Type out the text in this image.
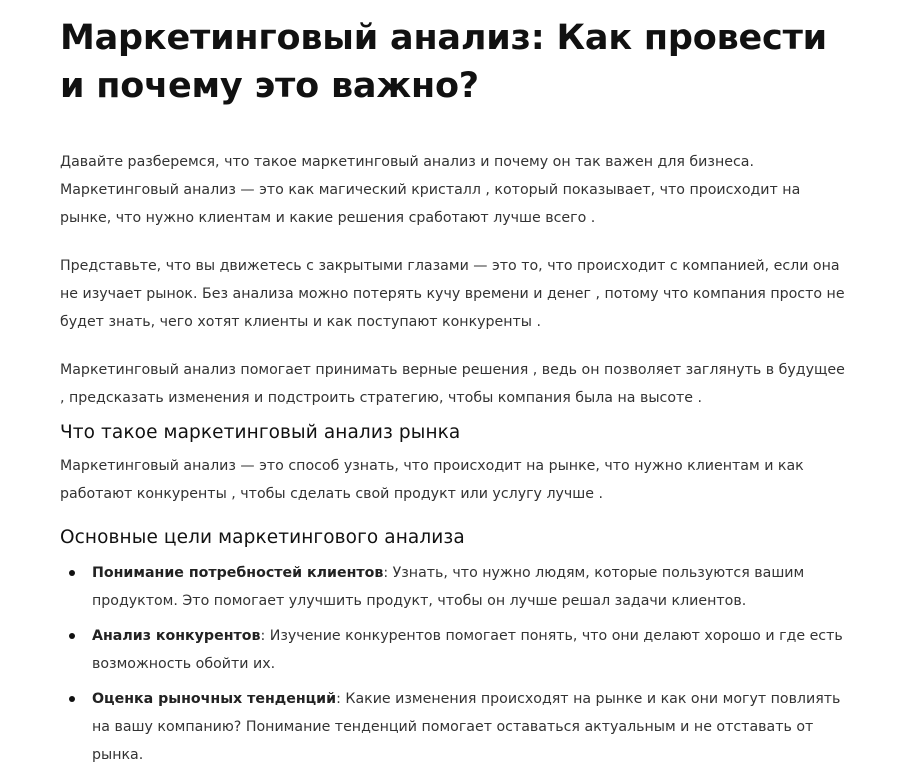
Маркетинговый анализ: Как провести и почему это важно?

Давайте разберемся, что такое маркетинговый анализ и почему он так важен для бизнеса. Маркетинговый анализ — это как магический кристалл , который показывает, что происходит на рынке, что нужно клиентам и какие решения сработают лучше всего .

Представьте, что вы движетесь с закрытыми глазами — это то, что происходит с компанией, если она не изучает рынок. Без анализа можно потерять кучу времени и денег , потому что компания просто не будет знать, чего хотят клиенты и как поступают конкуренты .

Маркетинговый анализ помогает принимать верные решения , ведь он позволяет заглянуть в будущее , предсказать изменения и подстроить стратегию, чтобы компания была на высоте .

Что такое маркетинговый анализ рынка

Маркетинговый анализ — это способ узнать, что происходит на рынке, что нужно клиентам и как работают конкуренты , чтобы сделать свой продукт или услугу лучше .

Основные цели маркетингового анализа
Понимание потребностей клиентов: Узнать, что нужно людям, которые пользуются вашим продуктом. Это помогает улучшить продукт, чтобы он лучше решал задачи клиентов.
Анализ конкурентов: Изучение конкурентов помогает понять, что они делают хорошо и где есть возможность обойти их.
Оценка рыночных тенденций: Какие изменения происходят на рынке и как они могут повлиять на вашу компанию? Понимание тенденций помогает оставаться актуальным и не отставать от рынка.
